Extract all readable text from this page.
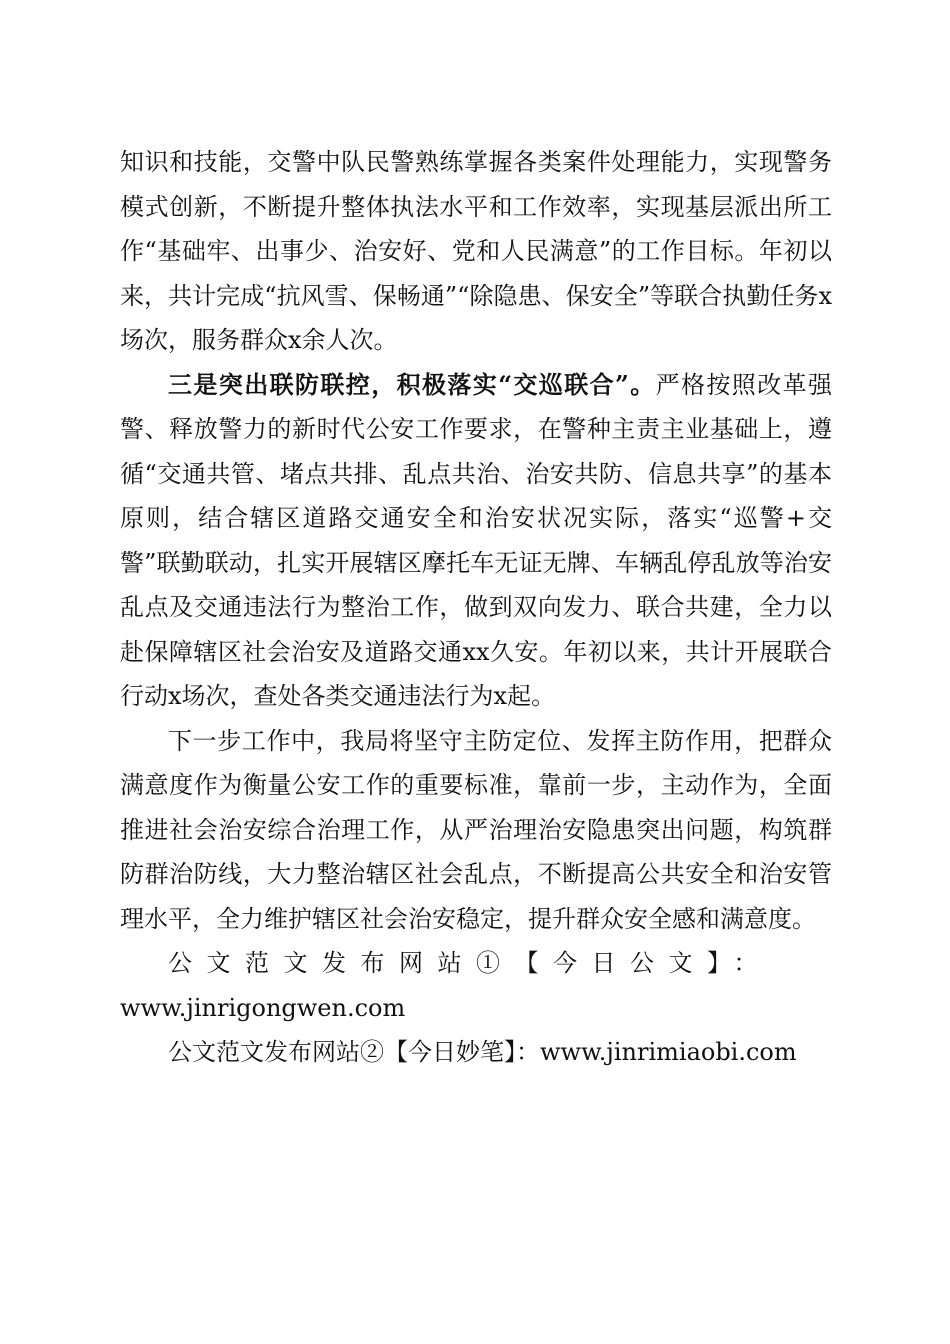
知识和技能，交警中队民警熟练掌握各类案件处理能力，实现警务模式创新，不断提升整体执法水平和工作效率，实现基层派出所工作“基础牢、出事少、治安好、党和人民满意”的工作目标。年初以来，共计完成“抗风雪、保畅通”“除隐患、保安全”等联合执勤任务x场次，服务群众x余人次。

三是突出联防联控，积极落实“交巡联合”。严格按照改革强警、释放警力的新时代公安工作要求，在警种主责主业基础上，遵循“交通共管、堵点共排、乱点共治、治安共防、信息共享”的基本原则，结合辖区道路交通安全和治安状况实际，落实“巡警+交警”联勤联动，扎实开展辖区摩托车无证无牌、车辆乱停乱放等治安乱点及交通违法行为整治工作，做到双向发力、联合共建，全力以赴保障辖区社会治安及道路交通xx久安。年初以来，共计开展联合行动x场次，查处各类交通违法行为x起。

下一步工作中，我局将坚守主防定位、发挥主防作用，把群众满意度作为衡量公安工作的重要标准，靠前一步，主动作为，全面推进社会治安综合治理工作，从严治理治安隐患突出问题，构筑群防群治防线，大力整治辖区社会乱点，不断提高公共安全和治安管理水平，全力维护辖区社会治安稳定，提升群众安全感和满意度。

公文范文发布网站①【今日公文】：

www.jinrigongwen.com

公文范文发布网站②【今日妙笔】：www.jinrimiaobi.com
